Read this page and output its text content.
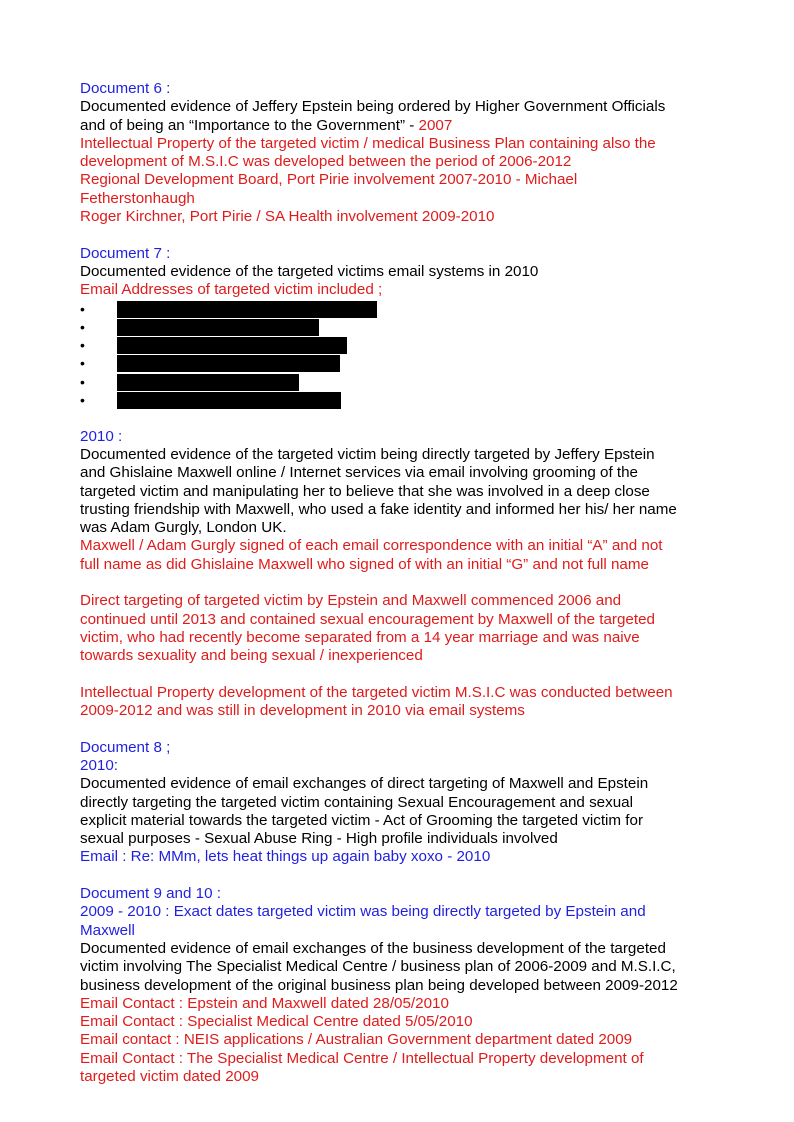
Document 6 :
Documented evidence of Jeffery Epstein being ordered by Higher Government Officials
and of being an “Importance to the Government” - 2007
Intellectual Property of the targeted victim / medical Business Plan containing also the
development of M.S.I.C was developed between the period of 2006-2012
Regional Development Board, Port Pirie involvement 2007-2010 - Michael
Fetherstonhaugh
Roger Kirchner, Port Pirie / SA Health involvement 2009-2010
Document 7 :
Documented evidence of the targeted victims email systems in 2010
Email Addresses of targeted victim included ;
•
•
•
•
•
•
2010 :
Documented evidence of the targeted victim being directly targeted by Jeffery Epstein
and Ghislaine Maxwell online / Internet services via email involving grooming of the
targeted victim and manipulating her to believe that she was involved in a deep close
trusting friendship with Maxwell, who used a fake identity and informed her his/ her name
was Adam Gurgly, London UK.
Maxwell / Adam Gurgly signed of each email correspondence with an initial “A” and not
full name as did Ghislaine Maxwell who signed of with an initial “G” and not full name
Direct targeting of targeted victim by Epstein and Maxwell commenced 2006 and
continued until 2013 and contained sexual encouragement by Maxwell of the targeted
victim, who had recently become separated from a 14 year marriage and was naive
towards sexuality and being sexual / inexperienced
Intellectual Property development of the targeted victim M.S.I.C was conducted between
2009-2012 and was still in development in 2010 via email systems
Document 8 ;
2010:
Documented evidence of email exchanges of direct targeting of Maxwell and Epstein
directly targeting the targeted victim containing Sexual Encouragement and sexual
explicit material towards the targeted victim - Act of Grooming the targeted victim for
sexual purposes - Sexual Abuse Ring - High profile individuals involved
Email : Re: MMm, lets heat things up again baby xoxo - 2010
Document 9 and 10 :
2009 - 2010 : Exact dates targeted victim was being directly targeted by Epstein and
Maxwell
Documented evidence of email exchanges of the business development of the targeted
victim involving The Specialist Medical Centre / business plan of 2006-2009 and M.S.I.C,
business development of the original business plan being developed between 2009-2012
Email Contact : Epstein and Maxwell dated 28/05/2010
Email Contact : Specialist Medical Centre dated 5/05/2010
Email contact : NEIS applications / Australian Government department dated 2009
Email Contact : The Specialist Medical Centre / Intellectual Property development of
targeted victim dated 2009
